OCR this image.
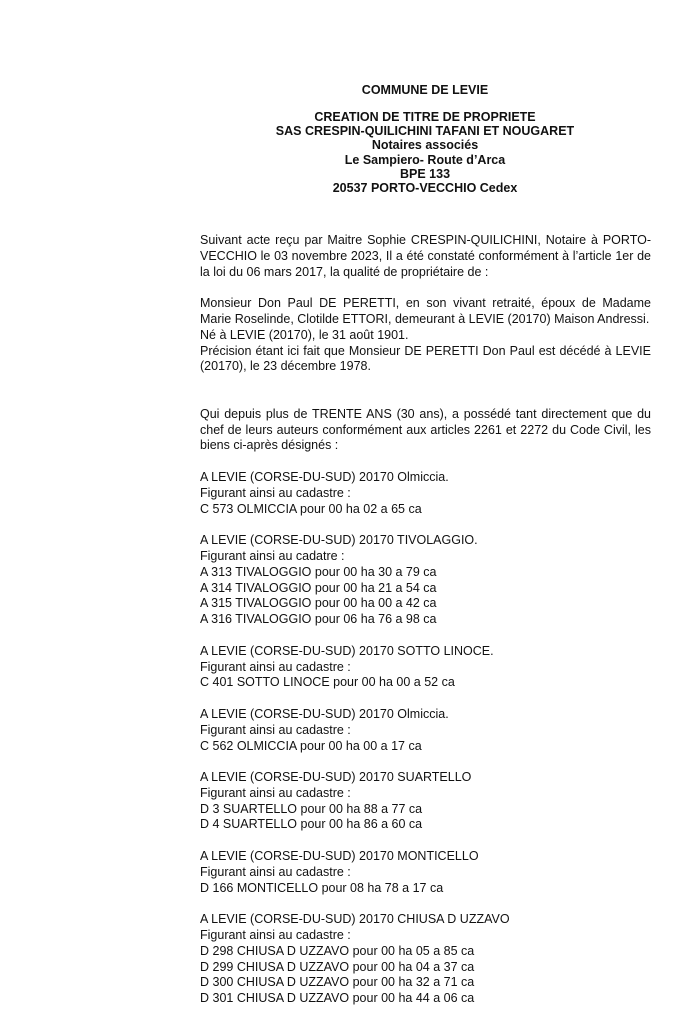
COMMUNE DE LEVIE
CREATION DE TITRE DE PROPRIETE
SAS CRESPIN-QUILICHINI TAFANI ET NOUGARET
Notaires associés
Le Sampiero- Route d’Arca
BPE 133
20537 PORTO-VECCHIO Cedex

Suivant acte reçu par Maitre Sophie CRESPIN-QUILICHINI, Notaire à PORTO-VECCHIO le 03 novembre 2023, Il a été constaté conformément à l’article 1er de la loi du 06 mars 2017, la qualité de propriétaire de :

Monsieur Don Paul DE PERETTI, en son vivant retraité, époux de Madame Marie Roselinde, Clotilde ETTORI, demeurant à LEVIE (20170) Maison Andressi.
Né à LEVIE (20170), le 31 août 1901.
Précision étant ici fait que Monsieur DE PERETTI Don Paul est décédé à LEVIE (20170), le 23 décembre 1978.

Qui depuis plus de TRENTE ANS (30 ans), a possédé tant directement que du chef de leurs auteurs conformément aux articles 2261 et 2272 du Code Civil, les biens ci-après désignés :

A LEVIE (CORSE-DU-SUD) 20170 Olmiccia.
Figurant ainsi au cadastre :
C 573 OLMICCIA pour 00 ha 02 a 65 ca
A LEVIE (CORSE-DU-SUD) 20170 TIVOLAGGIO.
Figurant ainsi au cadatre :
A 313 TIVALOGGIO pour 00 ha 30 a 79 ca
A 314 TIVALOGGIO pour 00 ha 21 a 54 ca
A 315 TIVALOGGIO pour 00 ha 00 a 42 ca
A 316 TIVALOGGIO pour 06 ha 76 a 98 ca
A LEVIE (CORSE-DU-SUD) 20170 SOTTO LINOCE.
Figurant ainsi au cadastre :
C 401 SOTTO LINOCE pour 00 ha 00 a 52 ca
A LEVIE (CORSE-DU-SUD) 20170 Olmiccia.
Figurant ainsi au cadastre :
C 562 OLMICCIA pour 00 ha 00 a 17 ca
A LEVIE (CORSE-DU-SUD) 20170 SUARTELLO
Figurant ainsi au cadastre :
D 3 SUARTELLO pour 00 ha 88 a 77 ca
D 4 SUARTELLO pour 00 ha 86 a 60 ca
A LEVIE (CORSE-DU-SUD) 20170 MONTICELLO
Figurant ainsi au cadastre :
D 166 MONTICELLO pour 08 ha 78 a 17 ca
A LEVIE (CORSE-DU-SUD) 20170 CHIUSA D UZZAVO
Figurant ainsi au cadastre :
D 298 CHIUSA D UZZAVO pour 00 ha 05 a 85 ca
D 299 CHIUSA D UZZAVO pour 00 ha 04 a 37 ca
D 300 CHIUSA D UZZAVO pour 00 ha 32 a 71 ca
D 301 CHIUSA D UZZAVO pour 00 ha 44 a 06 ca
